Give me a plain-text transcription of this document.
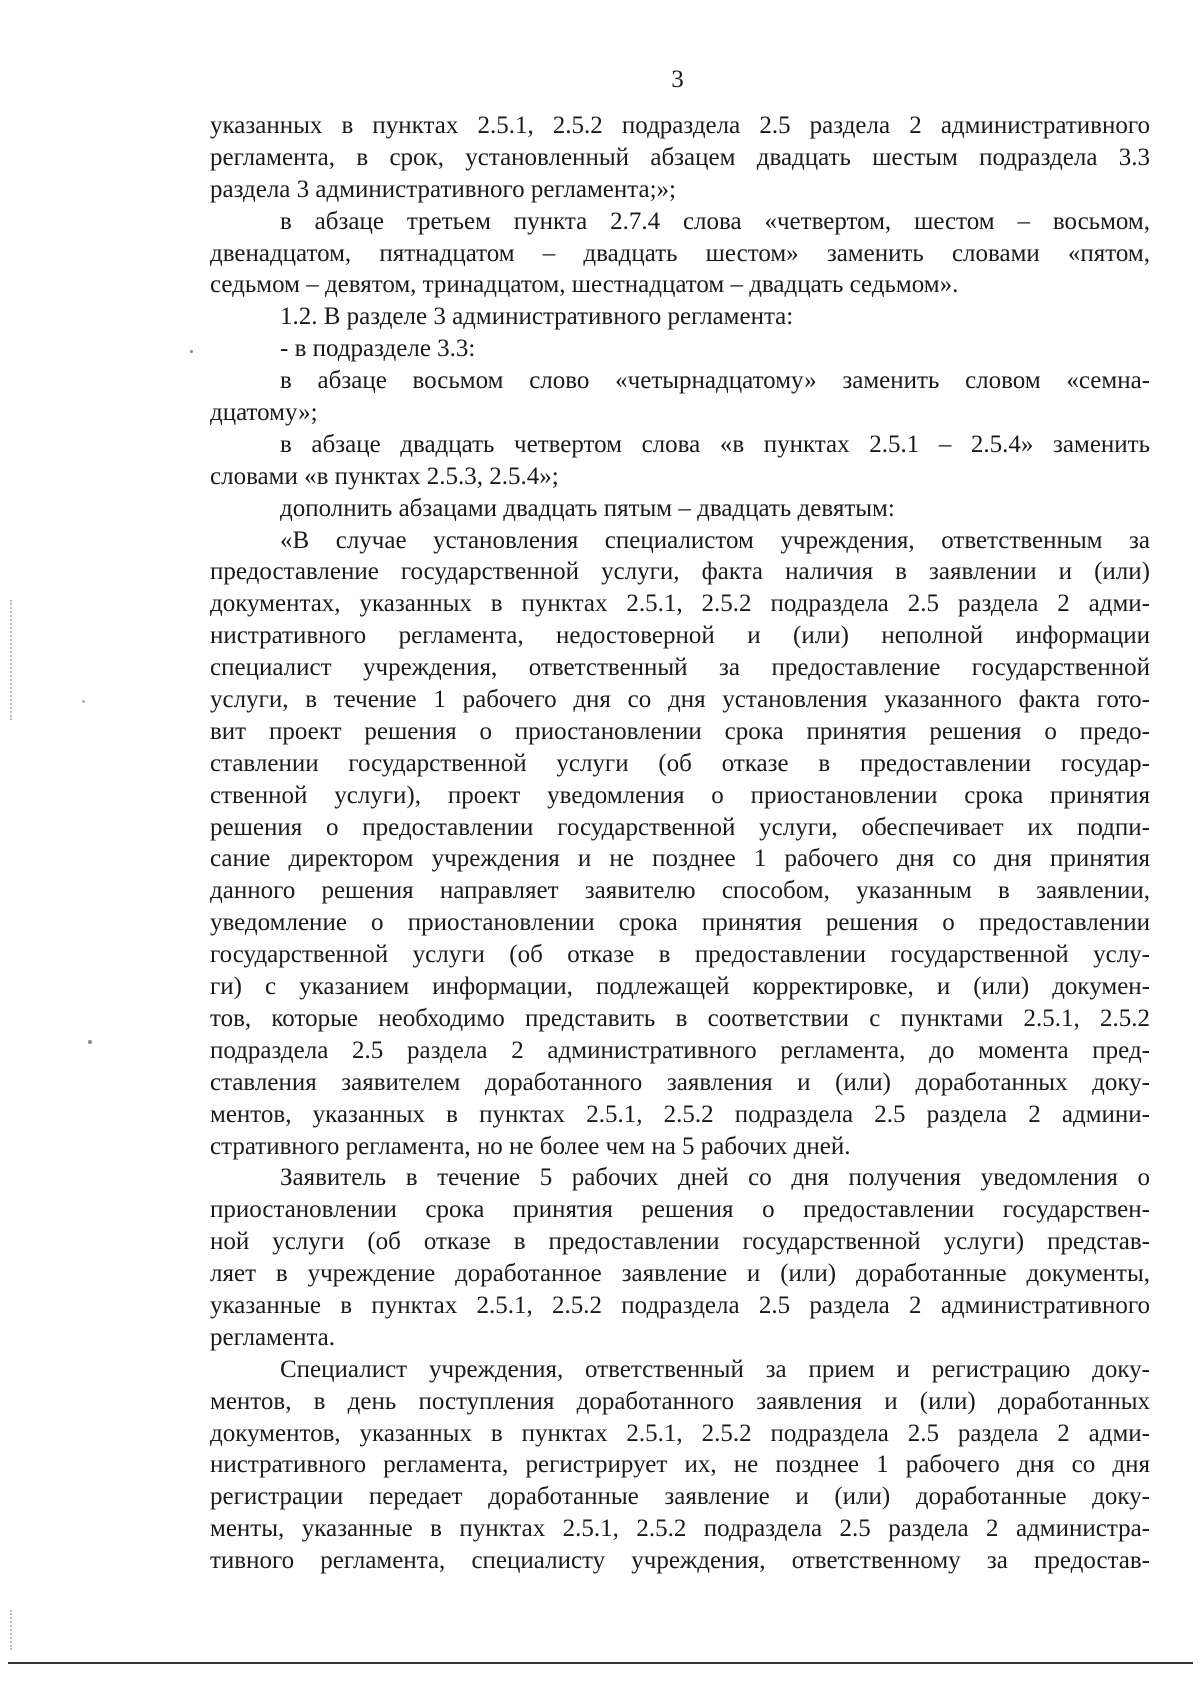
3
указанных в пунктах 2.5.1, 2.5.2 подраздела 2.5 раздела 2 административного
регламента, в срок, установленный абзацем двадцать шестым подраздела 3.3
раздела 3 административного регламента;»;
в абзаце третьем пункта 2.7.4 слова «четвертом, шестом – восьмом,
двенадцатом, пятнадцатом – двадцать шестом» заменить словами «пятом,
седьмом – девятом, тринадцатом, шестнадцатом – двадцать седьмом».
1.2. В разделе 3 административного регламента:
- в подразделе 3.3:
в абзаце восьмом слово «четырнадцатому» заменить словом «семна-
дцатому»;
в абзаце двадцать четвертом слова «в пунктах 2.5.1 – 2.5.4» заменить
словами «в пунктах 2.5.3, 2.5.4»;
дополнить абзацами двадцать пятым – двадцать девятым:
«В случае установления специалистом учреждения, ответственным за
предоставление государственной услуги, факта наличия в заявлении и (или)
документах, указанных в пунктах 2.5.1, 2.5.2 подраздела 2.5 раздела 2 адми-
нистративного регламента, недостоверной и (или) неполной информации
специалист учреждения, ответственный за предоставление государственной
услуги, в течение 1 рабочего дня со дня установления указанного факта гото-
вит проект решения о приостановлении срока принятия решения о предо-
ставлении государственной услуги (об отказе в предоставлении государ-
ственной услуги), проект уведомления о приостановлении срока принятия
решения о предоставлении государственной услуги, обеспечивает их подпи-
сание директором учреждения и не позднее 1 рабочего дня со дня принятия
данного решения направляет заявителю способом, указанным в заявлении,
уведомление о приостановлении срока принятия решения о предоставлении
государственной услуги (об отказе в предоставлении государственной услу-
ги) с указанием информации, подлежащей корректировке, и (или) докумен-
тов, которые необходимо представить в соответствии с пунктами 2.5.1, 2.5.2
подраздела 2.5 раздела 2 административного регламента, до момента пред-
ставления заявителем доработанного заявления и (или) доработанных доку-
ментов, указанных в пунктах 2.5.1, 2.5.2 подраздела 2.5 раздела 2 админи-
стративного регламента, но не более чем на 5 рабочих дней.
Заявитель в течение 5 рабочих дней со дня получения уведомления о
приостановлении срока принятия решения о предоставлении государствен-
ной услуги (об отказе в предоставлении государственной услуги) представ-
ляет в учреждение доработанное заявление и (или) доработанные документы,
указанные в пунктах 2.5.1, 2.5.2 подраздела 2.5 раздела 2 административного
регламента.
Специалист учреждения, ответственный за прием и регистрацию доку-
ментов, в день поступления доработанного заявления и (или) доработанных
документов, указанных в пунктах 2.5.1, 2.5.2 подраздела 2.5 раздела 2 адми-
нистративного регламента, регистрирует их, не позднее 1 рабочего дня со дня
регистрации передает доработанные заявление и (или) доработанные доку-
менты, указанные в пунктах 2.5.1, 2.5.2 подраздела 2.5 раздела 2 администра-
тивного регламента, специалисту учреждения, ответственному за предостав-
